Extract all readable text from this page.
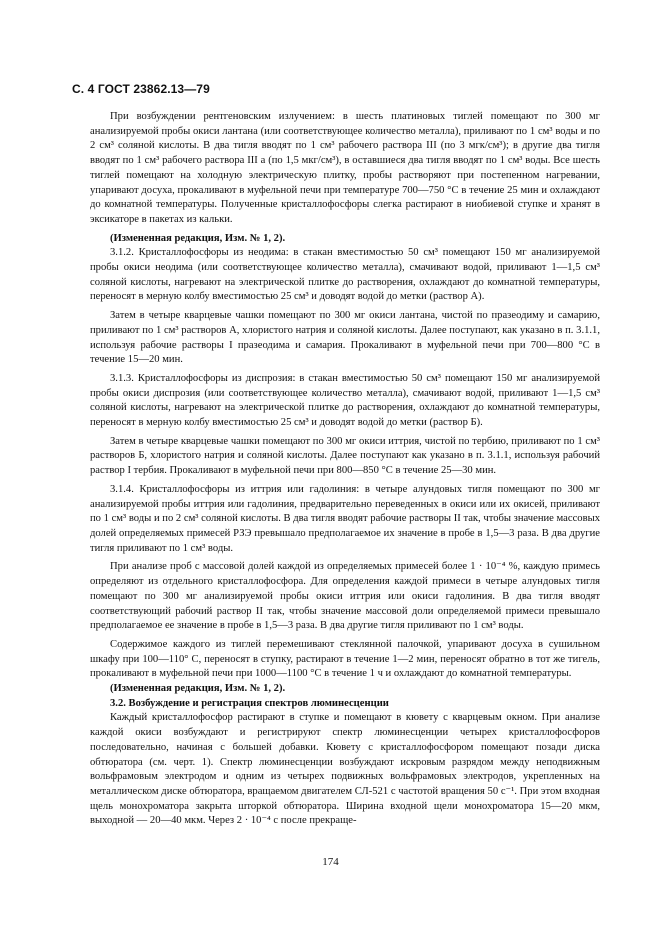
С. 4 ГОСТ 23862.13—79

При возбуждении рентгеновским излучением: в шесть платиновых тиглей помещают по 300 мг анализируемой пробы окиси лантана (или соответствующее количество металла), приливают по 1 см³ воды и по 2 см³ соляной кислоты. В два тигля вводят по 1 см³ рабочего раствора III (по 3 мгк/см³); в другие два тигля вводят по 1 см³ рабочего раствора III а (по 1,5 мкг/см³), в оставшиеся два тигля вводят по 1 см³ воды. Все шесть тиглей помещают на холодную электрическую плитку, пробы растворяют при постепенном нагревании, упаривают досуха, прокаливают в муфельной печи при температуре 700—750 °С в течение 25 мин и охлаждают до комнатной температуры. Полученные кристаллофосфоры слегка растирают в ниобиевой ступке и хранят в эксикаторе в пакетах из кальки.

(Измененная редакция, Изм. № 1, 2).

3.1.2. Кристаллофосфоры из неодима: в стакан вместимостью 50 см³ помещают 150 мг анализируемой пробы окиси неодима (или соответствующее количество металла), смачивают водой, приливают 1—1,5 см³ соляной кислоты, нагревают на электрической плитке до растворения, охлаждают до комнатной температуры, переносят в мерную колбу вместимостью 25 см³ и доводят водой до метки (раствор А).

Затем в четыре кварцевые чашки помещают по 300 мг окиси лантана, чистой по празеодиму и самарию, приливают по 1 см³ растворов А, хлористого натрия и соляной кислоты. Далее поступают, как указано в п. 3.1.1, используя рабочие растворы I празеодима и самария. Прокаливают в муфельной печи при 700—800 °С в течение 15—20 мин.

3.1.3. Кристаллофосфоры из диспрозия: в стакан вместимостью 50 см³ помещают 150 мг анализируемой пробы окиси диспрозия (или соответствующее количество металла), смачивают водой, приливают 1—1,5 см³ соляной кислоты, нагревают на электрической плитке до растворения, охлаждают до комнатной температуры, переносят в мерную колбу вместимостью 25 см³ и доводят водой до метки (раствор Б).

Затем в четыре кварцевые чашки помещают по 300 мг окиси иттрия, чистой по тербию, приливают по 1 см³ растворов Б, хлористого натрия и соляной кислоты. Далее поступают как указано в п. 3.1.1, используя рабочий раствор I тербия. Прокаливают в муфельной печи при 800—850 °С в течение 25—30 мин.

3.1.4. Кристаллофосфоры из иттрия или гадолиния: в четыре алундовых тигля помещают по 300 мг анализируемой пробы иттрия или гадолиния, предварительно переведенных в окиси или их окисей, приливают по 1 см³ воды и по 2 см³ соляной кислоты. В два тигля вводят рабочие растворы II так, чтобы значение массовых долей определяемых примесей РЗЭ превышало предполагаемое их значение в пробе в 1,5—3 раза. В два другие тигля приливают по 1 см³ воды.

При анализе проб с массовой долей каждой из определяемых примесей более 1 · 10⁻⁴ %, каждую примесь определяют из отдельного кристаллофосфора. Для определения каждой примеси в четыре алундовых тигля помещают по 300 мг анализируемой пробы окиси иттрия или окиси гадолиния. В два тигля вводят соответствующий рабочий раствор II так, чтобы значение массовой доли определяемой примеси превышало предполагаемое ее значение в пробе в 1,5—3 раза. В два другие тигля приливают по 1 см³ воды.

Содержимое каждого из тиглей перемешивают стеклянной палочкой, упаривают досуха в сушильном шкафу при 100—110° С, переносят в ступку, растирают в течение 1—2 мин, переносят обратно в тот же тигель, прокаливают в муфельной печи при 1000—1100 °С в течение 1 ч и охлаждают до комнатной температуры.

(Измененная редакция, Изм. № 1, 2).

3.2. Возбуждение и регистрация спектров люминесценции

Каждый кристаллофосфор растирают в ступке и помещают в кювету с кварцевым окном. При анализе каждой окиси возбуждают и регистрируют спектр люминесценции четырех кристаллофосфоров последовательно, начиная с большей добавки. Кювету с кристаллофосфором помещают позади диска обтюратора (см. черт. 1). Спектр люминесценции возбуждают искровым разрядом между неподвижным вольфрамовым электродом и одним из четырех подвижных вольфрамовых электродов, укрепленных на металлическом диске обтюратора, вращаемом двигателем СЛ-521 с частотой вращения 50 с⁻¹. При этом входная щель монохроматора закрыта шторкой обтюратора. Ширина входной щели монохроматора 15—20 мкм, выходной — 20—40 мкм. Через 2 · 10⁻⁴ с после прекраще-

174
